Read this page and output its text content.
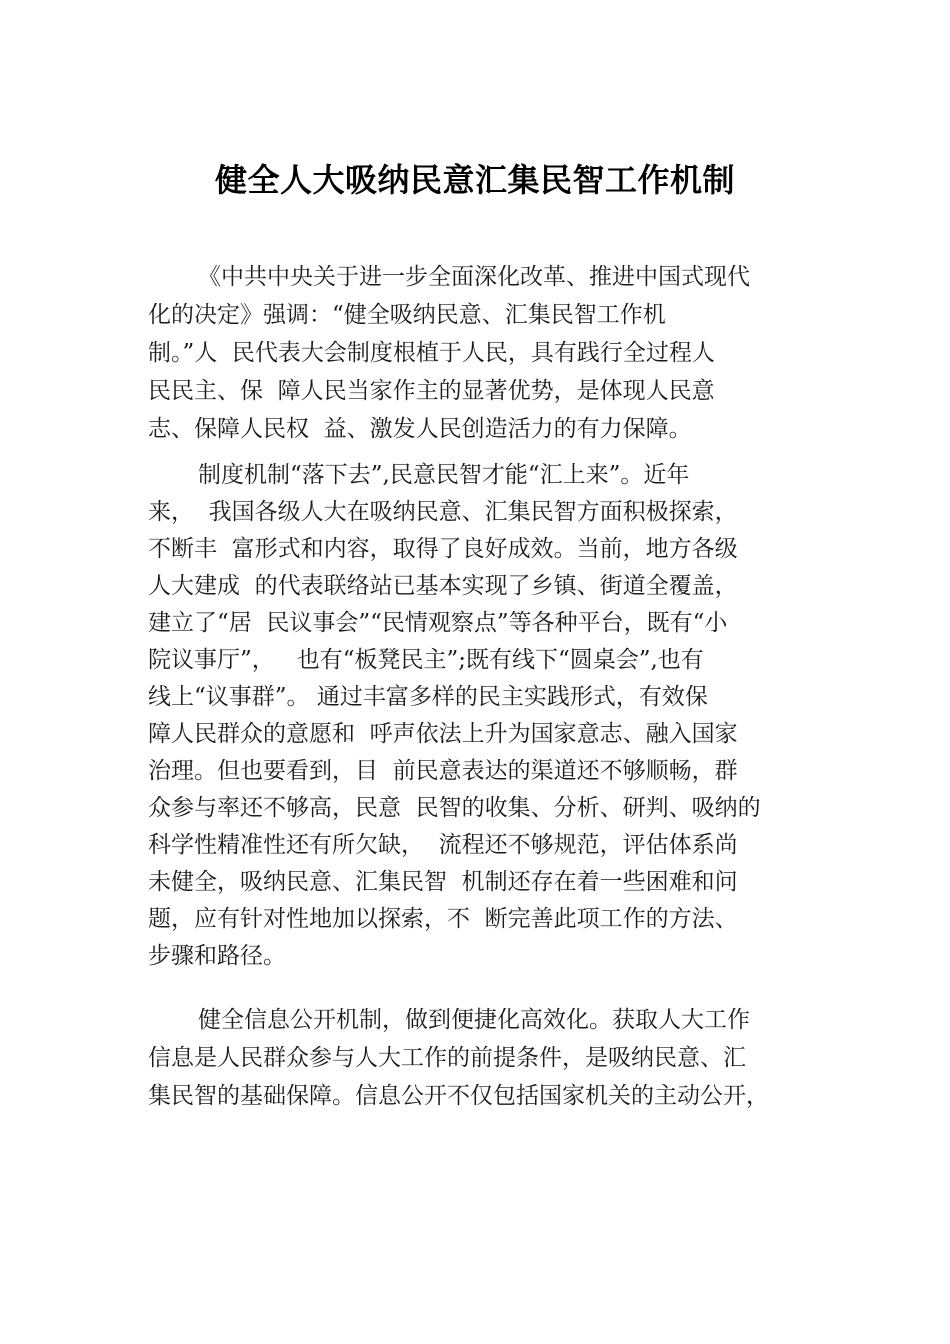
健全人大吸纳民意汇集民智工作机制
《中共中央关于进一步全面深化改革、推进中国式现代
化的决定》强调：“健全吸纳民意、汇集民智工作机
制。”人  民代表大会制度根植于人民，具有践行全过程人
民民主、保  障人民当家作主的显著优势，是体现人民意
志、保障人民权  益、激发人民创造活力的有力保障。
制度机制“落下去”,民意民智才能“汇上来”。近年
来，  我国各级人大在吸纳民意、汇集民智方面积极探索，
不断丰  富形式和内容，取得了良好成效。当前，地方各级
人大建成  的代表联络站已基本实现了乡镇、街道全覆盖，
建立了“居  民议事会”“民情观察点”等各种平台，既有“小
院议事厅”，   也有“板凳民主”;既有线下“圆桌会”,也有
线上“议事群”。 通过丰富多样的民主实践形式，有效保
障人民群众的意愿和  呼声依法上升为国家意志、融入国家
治理。但也要看到，目  前民意表达的渠道还不够顺畅，群
众参与率还不够高，民意  民智的收集、分析、研判、吸纳的
科学性精准性还有所欠缺，  流程还不够规范，评估体系尚
未健全，吸纳民意、汇集民智  机制还存在着一些困难和问
题，应有针对性地加以探索，不  断完善此项工作的方法、
步骤和路径。
健全信息公开机制，做到便捷化高效化。获取人大工作
信息是人民群众参与人大工作的前提条件，是吸纳民意、汇
集民智的基础保障。信息公开不仅包括国家机关的主动公开，
